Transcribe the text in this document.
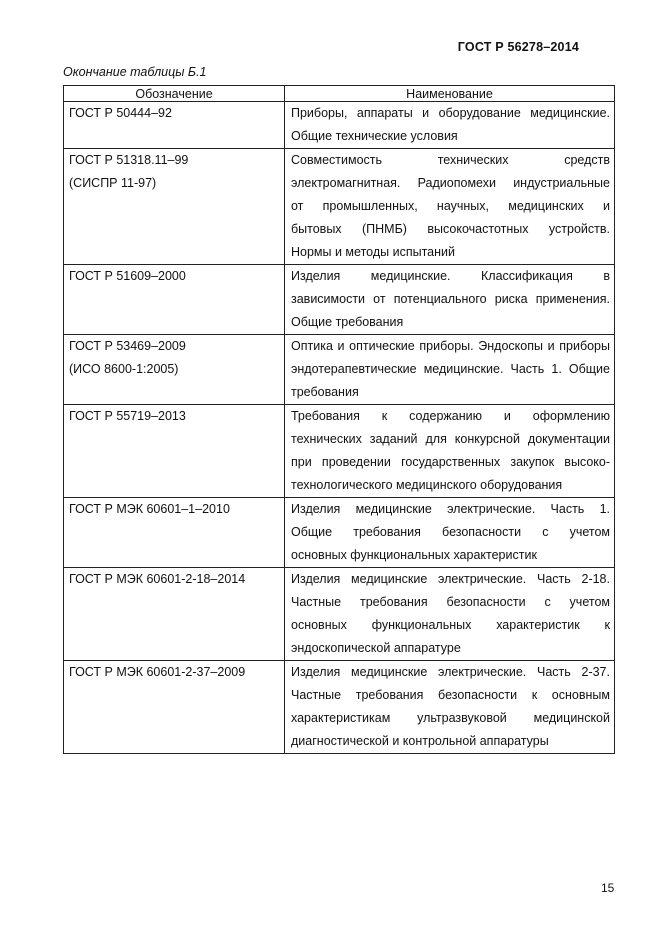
ГОСТ Р 56278–2014
Окончание таблицы Б.1
Обозначение	Наименование

ГОСТ Р 50444–92	Приборы, аппараты и оборудование медицинские.
Общие технические условия

ГОСТ Р 51318.11–99
(СИСПР 11-97)	Совместимость технических средств
электромагнитная. Радиопомехи индустриальные
от промышленных, научных, медицинских и
бытовых (ПНМБ) высокочастотных устройств.
Нормы и методы испытаний

ГОСТ Р 51609–2000	Изделия медицинские. Классификация в
зависимости от потенциального риска применения.
Общие требования

ГОСТ Р 53469–2009
(ИСО 8600-1:2005)	Оптика и оптические приборы. Эндоскопы и приборы
эндотерапевтические медицинские. Часть 1. Общие
требования

ГОСТ Р 55719–2013	Требования к содержанию и оформлению
технических заданий для конкурсной документации
при проведении государственных закупок высоко-
технологического медицинского оборудования

ГОСТ Р МЭК 60601–1–2010	Изделия медицинские электрические. Часть 1.
Общие требования безопасности с учетом
основных функциональных характеристик

ГОСТ Р МЭК 60601-2-18–2014	Изделия медицинские электрические. Часть 2-18.
Частные требования безопасности с учетом
основных функциональных характеристик к
эндоскопической аппаратуре

ГОСТ Р МЭК 60601-2-37–2009	Изделия медицинские электрические. Часть 2-37.
Частные требования безопасности к основным
характеристикам ультразвуковой медицинской
диагностической и контрольной аппаратуры
15
